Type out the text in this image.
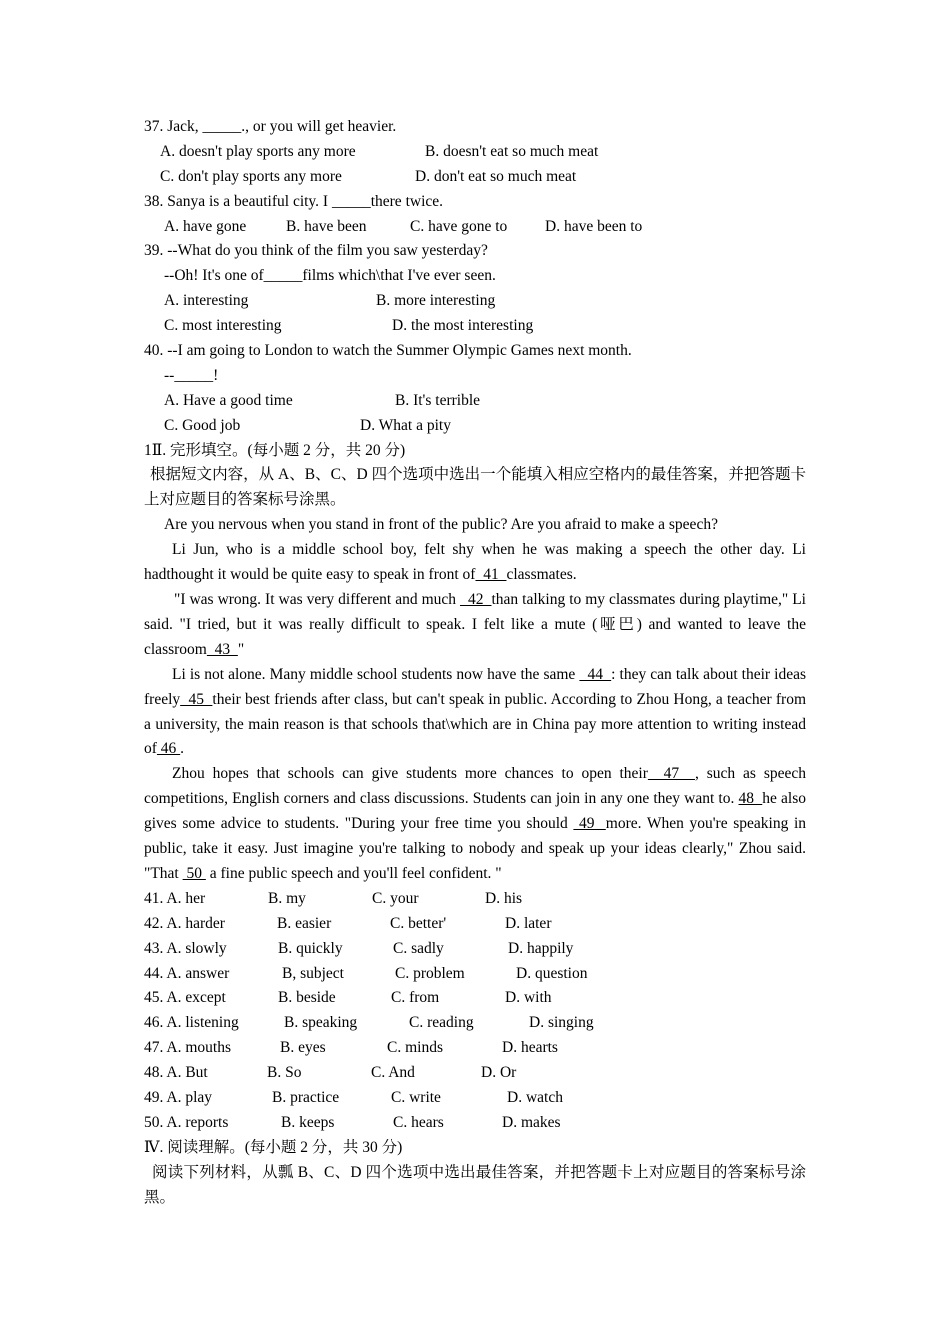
37. Jack, _____., or you will get heavier.
A. doesn't play sports any more	B. doesn't eat so much meat
C. don't play sports any more	D. don't eat so much meat
38. Sanya is a beautiful city. I _____there twice.
A. have gone	B. have been	C. have gone to D. have been to
39. --What do you think of the film you saw yesterday?
--Oh! It's one of_____films which\that I've ever seen.
A. interesting	B. more interesting
C. most interesting	D. the most interesting
40. --I am going to London to watch the Summer Olympic Games next month.
--_____!
A. Have a good time	B. It's terrible
C. Good job	D. What a pity
1Ⅱ. 完形填空。(每小题 2 分，共 20 分)
根据短文内容，从 A、B、C、D 四个选项中选出一个能填入相应空格内的最佳答案，并把答题卡上对应题目的答案标号涂黑。
Are you nervous when you stand in front of the public? Are you afraid to make a speech?
Li Jun, who is a middle school boy, felt shy when he was making a speech the other day. Li hadthought it would be quite easy to speak in front of  41  classmates.
"I was wrong. It was very different and much   42  than talking to my classmates during playtime," Li said. "I tried, but it was really difficult to speak. I felt like a mute (哑巴) and wanted to leave the classroom  43  "
Li is not alone. Many middle school students now have the same   44  : they can talk about their ideas freely  45  their best friends after class, but can't speak in public. According to Zhou Hong, a teacher from a university, the main reason is that schools that\which are in China pay more attention to writing instead of 46 .
Zhou hopes that schools can give students more chances to open their  47  , such as speech competitions, English corners and class discussions. Students can join in any one they want to. 48  he also gives some advice to students. "During your free time you should  49  more. When you're speaking in public, take it easy. Just imagine you're talking to nobody and speak up your ideas clearly," Zhou said. "That  50  a fine public speech and you'll feel confident. "
41. A. her	B. my	C. your	D. his
42. A. harder	B. easier	C. better'	D. later
43. A. slowly	B. quickly	C. sadly	D. happily
44. A. answer	B, subject	C. problem	D. question
45. A. except	B. beside	C. from	D. with
46. A. listening	B. speaking	C. reading	D. singing
47. A. mouths	B. eyes	C. minds	D. hearts
48. A. But	B. So	C. And	D. Or
49. A. play	B. practice	C. write	D. watch
50. A. reports	B. keeps	C. hears	D. makes
Ⅳ. 阅读理解。(每小题 2 分，共 30 分)
阅读下列材料，从瓢 B、C、D 四个选项中选出最佳答案，并把答题卡上对应题目的答案标号涂黑。
